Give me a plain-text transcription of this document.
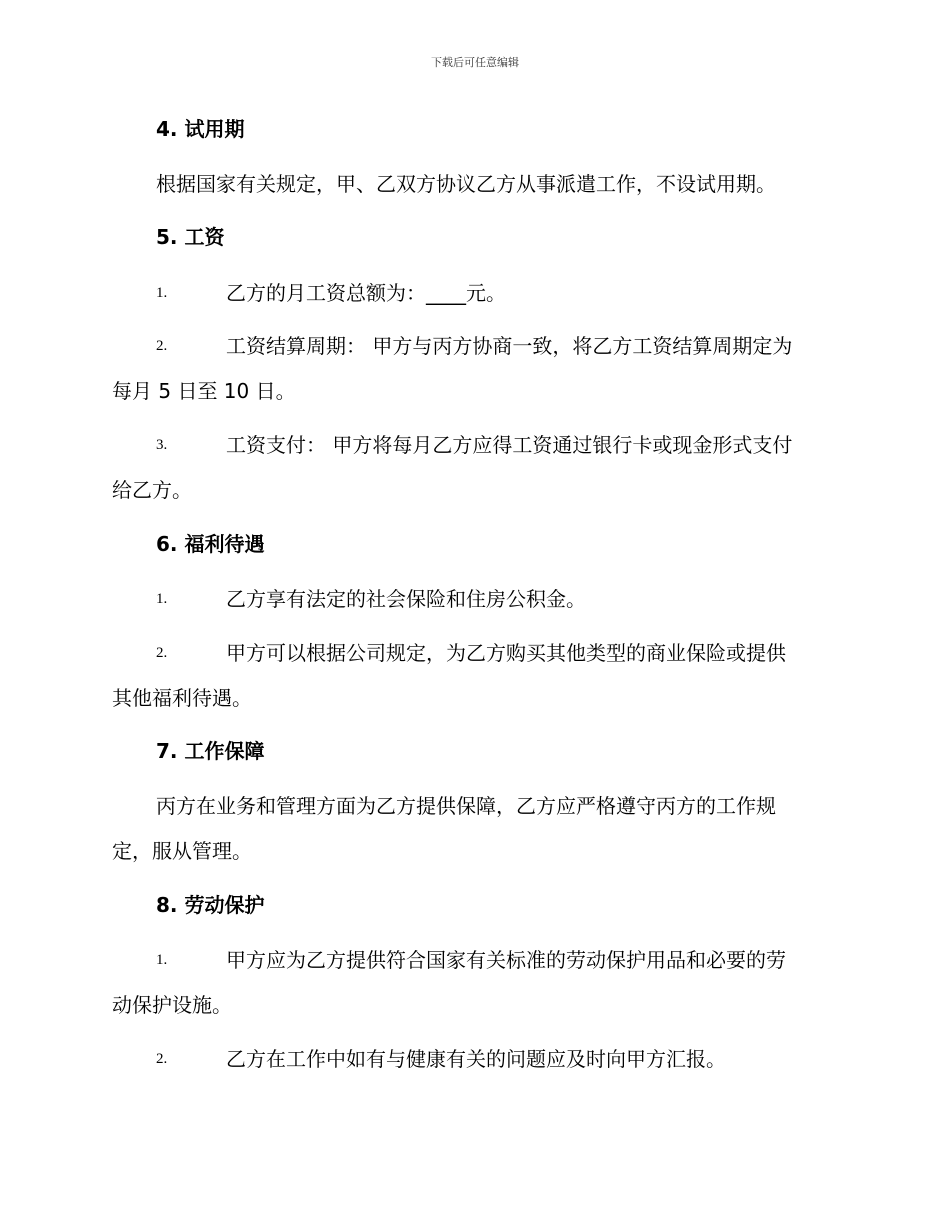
下载后可任意编辑
4. 试用期
根据国家有关规定，甲、乙双方协议乙方从事派遣工作，不设试用期。
5. 工资
1.	乙方的月工资总额为：____元。
2.	工资结算周期： 甲方与丙方协商一致，将乙方工资结算周期定为
每月 5 日至 10 日。
3.	工资支付： 甲方将每月乙方应得工资通过银行卡或现金形式支付
给乙方。
6. 福利待遇
1.	乙方享有法定的社会保险和住房公积金。
2.	甲方可以根据公司规定，为乙方购买其他类型的商业保险或提供
其他福利待遇。
7. 工作保障
丙方在业务和管理方面为乙方提供保障，乙方应严格遵守丙方的工作规
定，服从管理。
8. 劳动保护
1.	甲方应为乙方提供符合国家有关标准的劳动保护用品和必要的劳
动保护设施。
2.	乙方在工作中如有与健康有关的问题应及时向甲方汇报。
